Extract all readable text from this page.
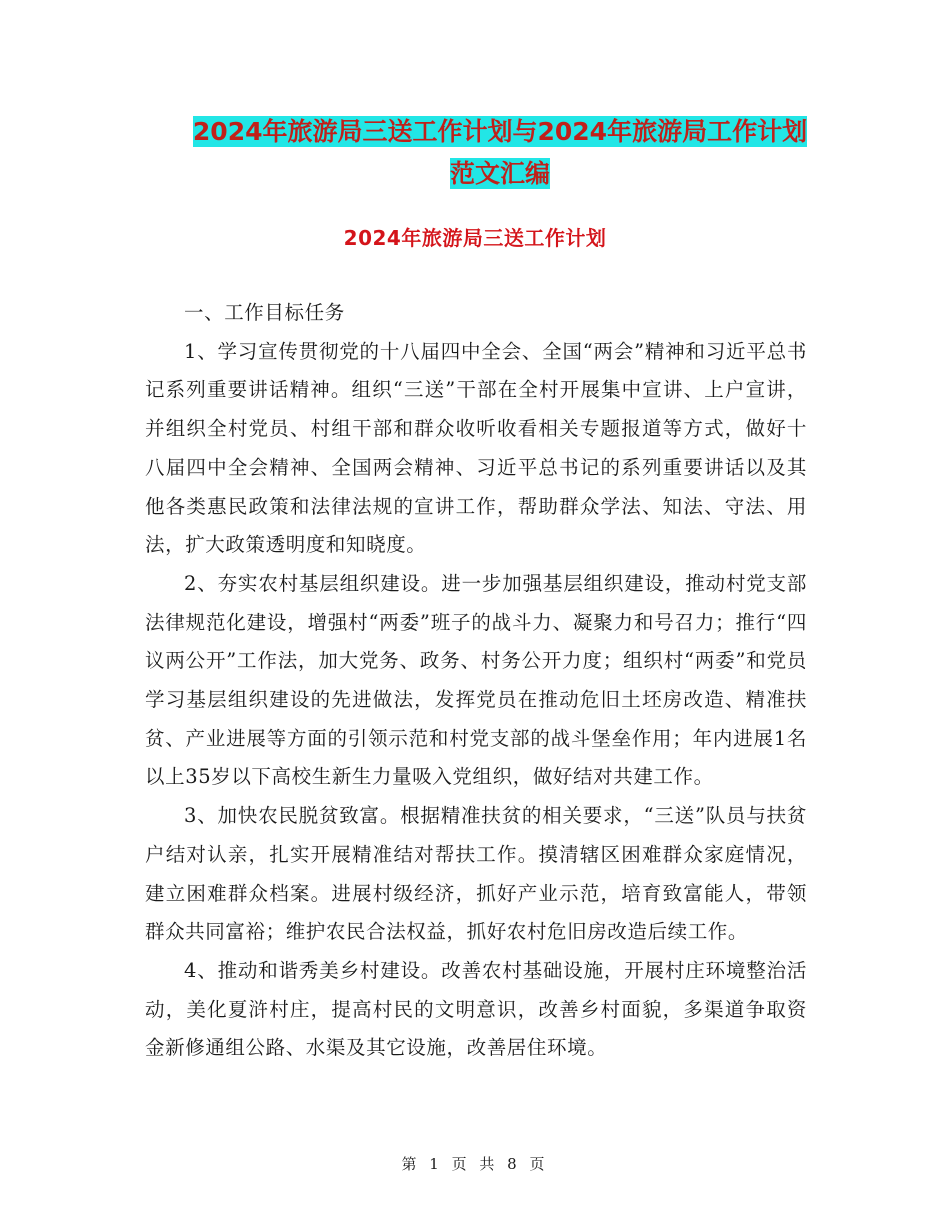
2024年旅游局三送工作计划与2024年旅游局工作计划
范文汇编
2024年旅游局三送工作计划

一、工作目标任务

1、学习宣传贯彻党的十八届四中全会、全国“两会”精神和习近平总书记系列重要讲话精神。组织“三送”干部在全村开展集中宣讲、上户宣讲，并组织全村党员、村组干部和群众收听收看相关专题报道等方式，做好十八届四中全会精神、全国两会精神、习近平总书记的系列重要讲话以及其他各类惠民政策和法律法规的宣讲工作，帮助群众学法、知法、守法、用法，扩大政策透明度和知晓度。

2、夯实农村基层组织建设。进一步加强基层组织建设，推动村党支部法律规范化建设，增强村“两委”班子的战斗力、凝聚力和号召力；推行“四议两公开”工作法，加大党务、政务、村务公开力度；组织村“两委”和党员学习基层组织建设的先进做法，发挥党员在推动危旧土坯房改造、精准扶贫、产业进展等方面的引领示范和村党支部的战斗堡垒作用；年内进展1名以上35岁以下高校生新生力量吸入党组织，做好结对共建工作。

3、加快农民脱贫致富。根据精准扶贫的相关要求，“三送”队员与扶贫户结对认亲，扎实开展精准结对帮扶工作。摸清辖区困难群众家庭情况，建立困难群众档案。进展村级经济，抓好产业示范，培育致富能人，带领群众共同富裕；维护农民合法权益，抓好农村危旧房改造后续工作。

4、推动和谐秀美乡村建设。改善农村基础设施，开展村庄环境整治活动，美化夏浒村庄，提高村民的文明意识，改善乡村面貌，多渠道争取资金新修通组公路、水渠及其它设施，改善居住环境。

第 1 页 共 8 页
